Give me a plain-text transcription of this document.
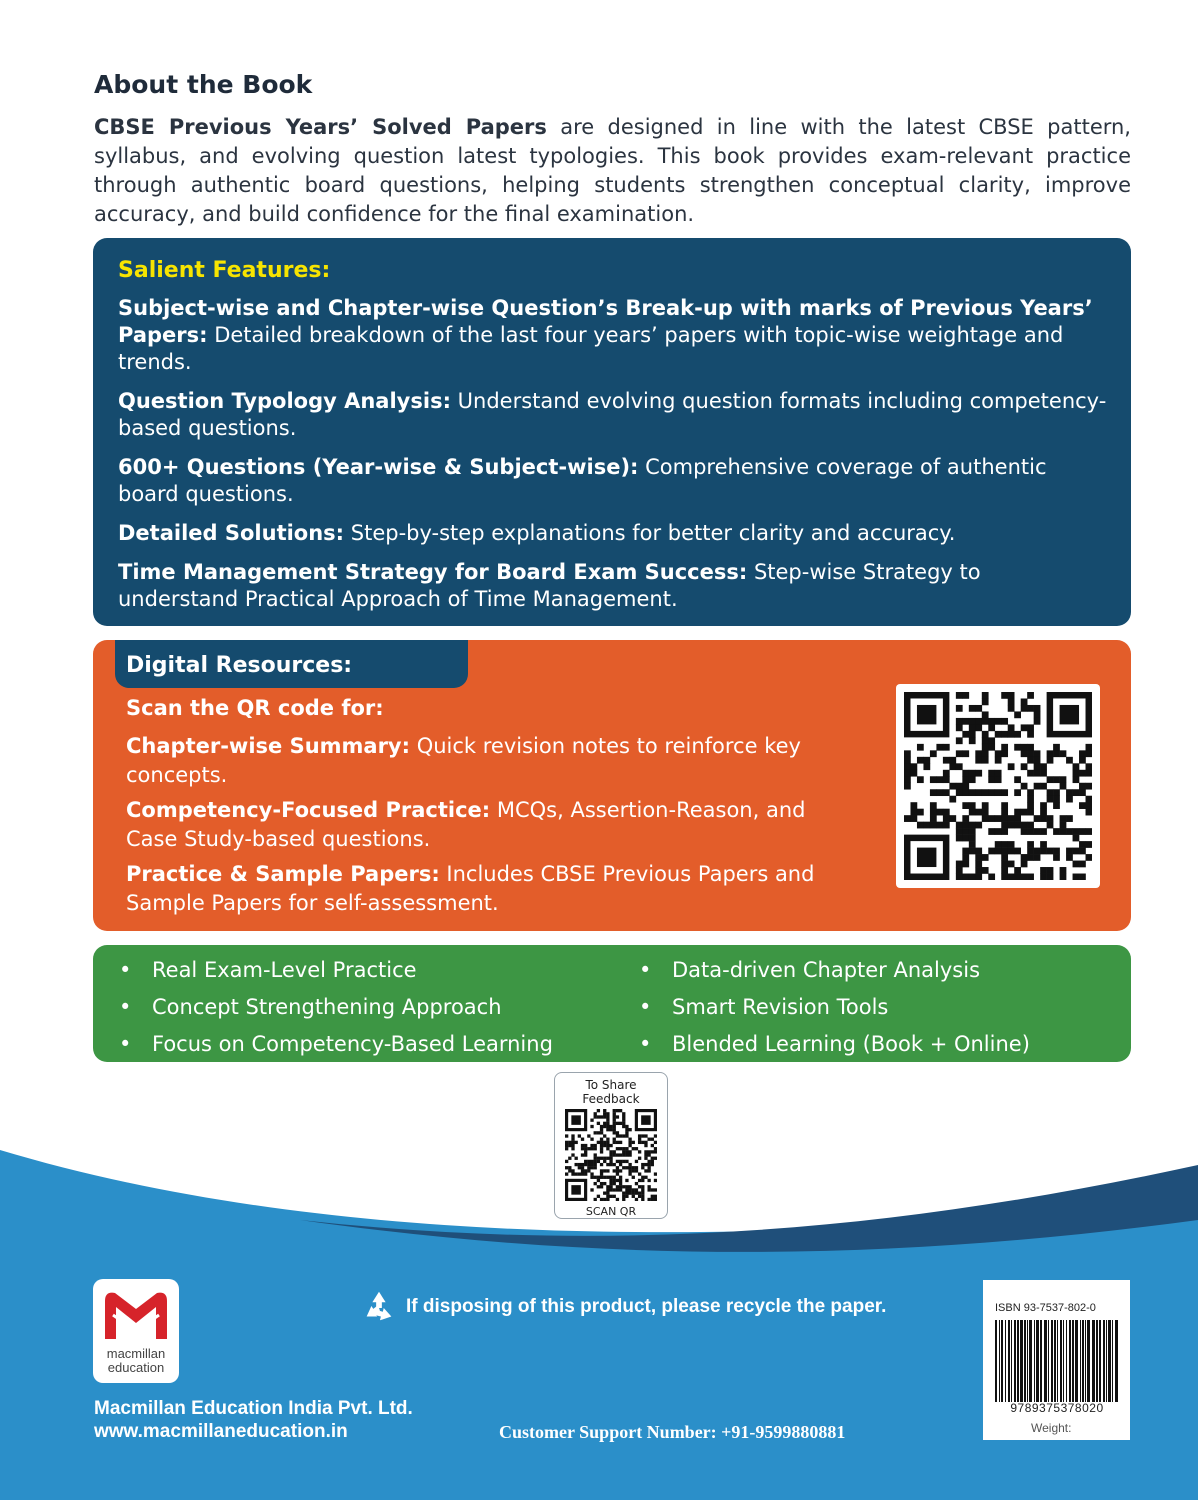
About the Book

CBSE Previous Years’ Solved Papers are designed in line with the latest CBSE pattern, syllabus, and evolving question latest typologies. This book provides exam-relevant practice through authentic board questions, helping students strengthen conceptual clarity, improve accuracy, and build confidence for the final examination.

Salient Features:

Subject-wise and Chapter-wise Question’s Break-up with marks of Previous Years’ Papers: Detailed breakdown of the last four years’ papers with topic-wise weightage and trends.

Question Typology Analysis: Understand evolving question formats including competency-based questions.

600+ Questions (Year-wise & Subject-wise): Comprehensive coverage of authentic board questions.

Detailed Solutions: Step-by-step explanations for better clarity and accuracy.

Time Management Strategy for Board Exam Success: Step-wise Strategy to understand Practical Approach of Time Management.

Digital Resources:
Scan the QR code for:

Chapter-wise Summary: Quick revision notes to reinforce key concepts.

Competency-Focused Practice: MCQs, Assertion-Reason, and Case Study-based questions.

Practice & Sample Papers: Includes CBSE Previous Papers and Sample Papers for self-assessment.

• Real Exam-Level Practice	• Data-driven Chapter Analysis
• Concept Strengthening Approach	• Smart Revision Tools
• Focus on Competency-Based Learning	• Blended Learning (Book + Online)
To Share
Feedback
SCAN QR
macmillan
education
If disposing of this product, please recycle the paper.
Macmillan Education India Pvt. Ltd.
www.macmillaneducation.in	Customer Support Number: +91-9599880881
ISBN 93-7537-802-0
9789375378020
Weight:
